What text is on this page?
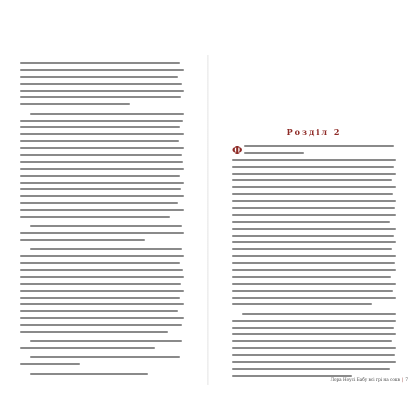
Розділ 2
Ф
Лора Ноусі Бабу всі грі на сокв | 7
